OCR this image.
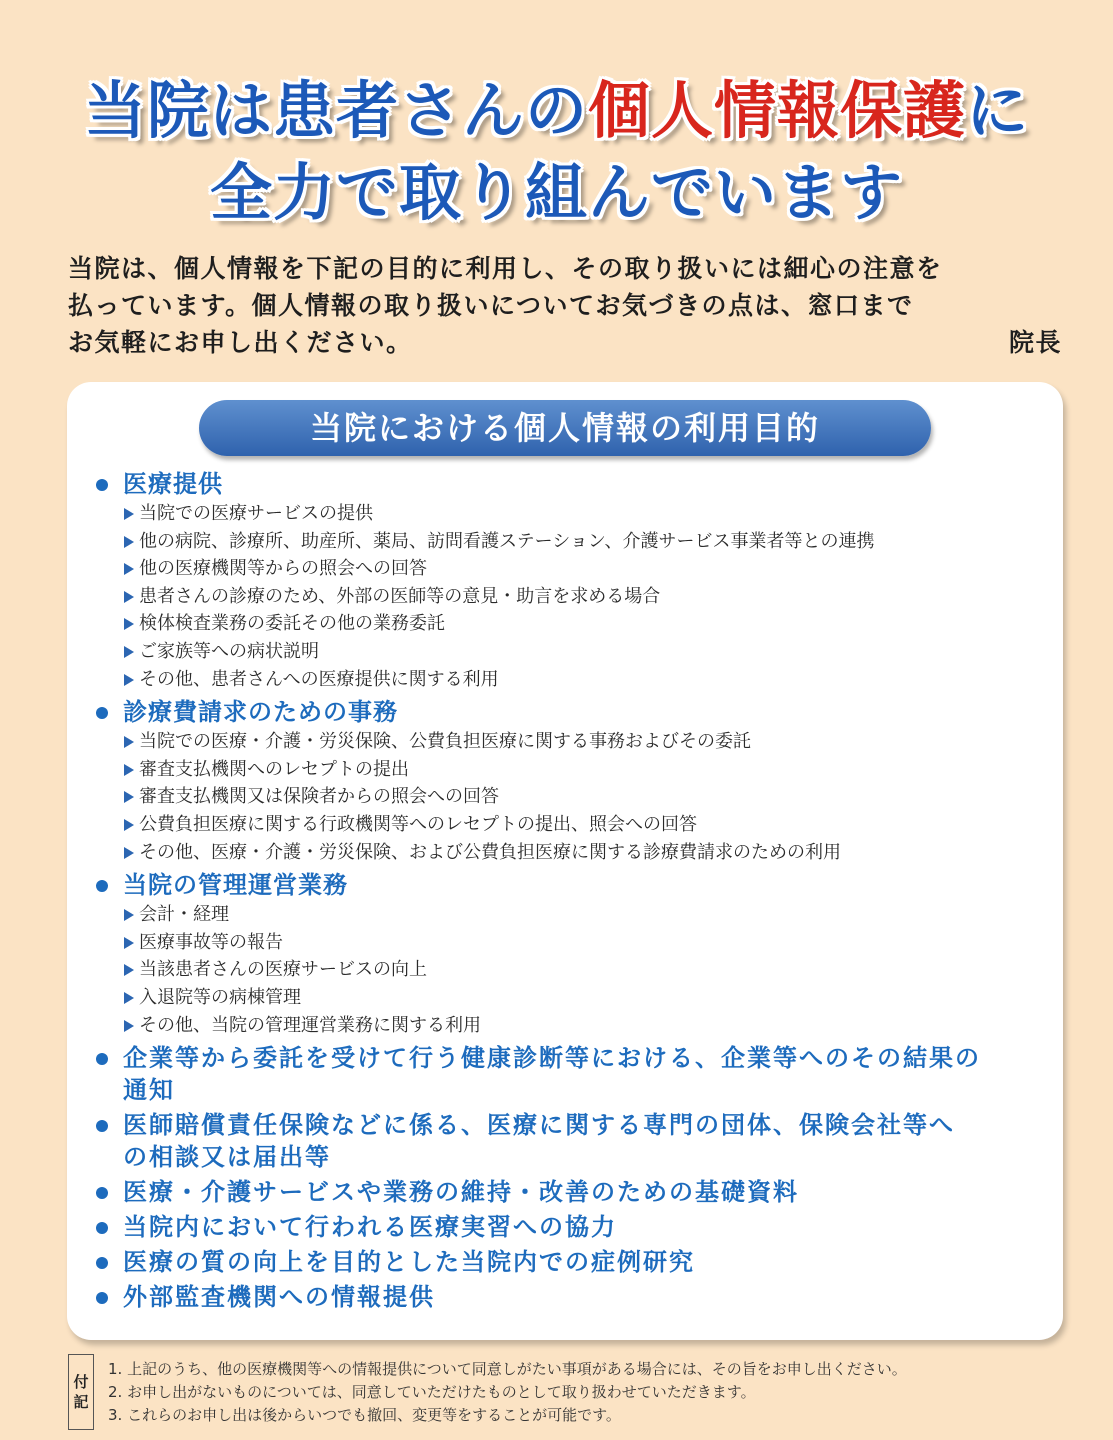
当院は患者さんの個人情報保護に
全力で取り組んでいます
当院は、個人情報を下記の目的に利用し、その取り扱いには細心の注意を
払っています。個人情報の取り扱いについてお気づきの点は、窓口まで
お気軽にお申し出ください。	院長
当院における個人情報の利用目的
医療提供
当院での医療サービスの提供
他の病院、診療所、助産所、薬局、訪問看護ステーション、介護サービス事業者等との連携
他の医療機関等からの照会への回答
患者さんの診療のため、外部の医師等の意見・助言を求める場合
検体検査業務の委託その他の業務委託
ご家族等への病状説明
その他、患者さんへの医療提供に関する利用
診療費請求のための事務
当院での医療・介護・労災保険、公費負担医療に関する事務およびその委託
審査支払機関へのレセプトの提出
審査支払機関又は保険者からの照会への回答
公費負担医療に関する行政機関等へのレセプトの提出、照会への回答
その他、医療・介護・労災保険、および公費負担医療に関する診療費請求のための利用
当院の管理運営業務
会計・経理
医療事故等の報告
当該患者さんの医療サービスの向上
入退院等の病棟管理
その他、当院の管理運営業務に関する利用
企業等から委託を受けて行う健康診断等における、企業等へのその結果の
通知
医師賠償責任保険などに係る、医療に関する専門の団体、保険会社等へ
の相談又は届出等
医療・介護サービスや業務の維持・改善のための基礎資料
当院内において行われる医療実習への協力
医療の質の向上を目的とした当院内での症例研究
外部監査機関への情報提供
付
記
1. 上記のうち、他の医療機関等への情報提供について同意しがたい事項がある場合には、その旨をお申し出ください。
2. お申し出がないものについては、同意していただけたものとして取り扱わせていただきます。
3. これらのお申し出は後からいつでも撤回、変更等をすることが可能です。
